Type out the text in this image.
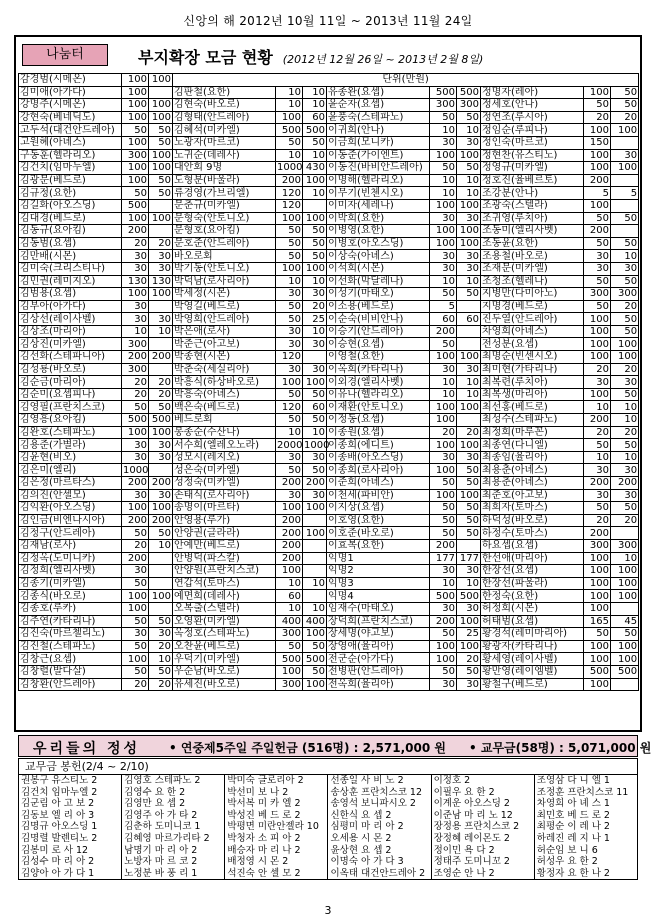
신앙의 해 2012년 10월 11일 ~ 2013년 11월 24일
나눔터	부지확장 모금 현황 (2012년 12월 26일 ~ 2013년 2월 8일)
감경범(시메온)	100	100	단위(만원)								
김미애(아가다)	100		김판철(요한)	10	10	유종완(요셉)	500	500	정명자(레아)	100	50
강명주(시메온)	100	100	김현숙(바오로)	10	10	윤순자(요셉)	300	300	정세호(안나)	50	50
강현숙(베네딕도)	100	100	김형태(안드레아)	100	60	윤풍숙(스테파노)	50	50	정연조(루시아)	20	20
고두석(대건안드레아)	50	50	김혜석(미카엘)	500	500	이귀희(안나)	10	10	정임순(루피나)	100	100
고원혜(아녜스)	100	50	노광자(마르코)	50	50	이금희(모니카)	30	30	정인숙(마르코)	150	
구동훈(헬라리오)	300	100	노귀순(데레사)	10	10	이동준(가이엔트)	100	100	정현찬(유스티노)	100	30
김건치(임마누엘)	100	100	대안회 9명	1000	430	이동진(바비안드레아)	50	50	정영규(미카엘)	100	100
김광문(베드로)	100	50	도형분(바울라)	200	100	이명해(헬라리오)	10	10	정호진(율베르토)	200	
김규정(요한)	50	50	류경영(가브리엘)	120	10	이무기(빈첸시오)	10	10	조강분(안나)	5	5
김길화(아오스딩)	500		문춘규(미카엘)	120		이미자(세레나)	100	100	조광숙(스텔라)	100	
김대경(베드로)	100	100	문형숙(안토니오)	100	100	이박희(요한)	30	30	조귀영(루치아)	50	50
김동규(요아킴)	200		문형호(요아킴)	50	50	이병영(요한)	100	100	조동미(엘리사벳)	200	
김동범(요셉)	20	20	문호준(안드레아)	50	50	이병호(아오스딩)	100	100	조동윤(요한)	50	50
김만배(시몬)	30	30	바오로회	50	50	이상숙(아녜스)	30	30	조용철(바오로)	30	10
김미숙(크리스티나)	30	30	박기동(안토니오)	100	100	이석희(시몬)	30	30	조재문(미카엘)	30	30
김민권(레미지오)	130	130	박덕남(로사리아)	10	10	이선화(막달레나)	10	10	조청조(헬레나)	50	50
김범용(요셉)	100	100	박세정(시몬)	30	30	이성기(마태오)	50	50	지병만(다미아노)	300	300
김부아(아가다)	30		박영길(베드로)	50	20	이소용(베드로)	5		지명경(베드로)	50	20
김상선(레이사벨)	30	30	박영희(안드레아)	50	25	이순숙(비비안나)	60	60	진두열(안드레아)	100	50
김상조(마리아)	10	10	박은애(로사)	30	10	이승기(안드레아)	200		차영희(아녜스)	100	50
김상진(미카엘)	300		박준근(아고보)	30	30	이승현(요셉)	50		전성분(요셉)	100	100
김선화(스테파니아)	200	200	박종현(시몬)	120		이영철(요한)	100	100	최명순(빈센시오)	100	100
김성룡(바오로)	300		박춘숙(세실리아)	30	30	이옥희(카타리나)	30	30	최미현(가타리나)	20	20
김순금(마리아)	20	20	박흥식(하상바오로)	100	100	이외경(엘리사벳)	10	10	최복련(루치아)	30	30
김순미(요셉피나)	20	20	박흥숙(아녜스)	50	50	이유나(헬라리오)	10	10	최복생(마리아)	100	50
김영필(프란치스코)	50	50	백은숙(베드로)	120	60	이재환(안토니오)	100	100	최선홍(베드로)	10	10
김영흥(요아킴)	500	500	베드로회	50	50	이정동(요셉)	100		최성수(스테파노)	200	10
김완호(스테파노)	100	100	봉종순(수산나)	10	10	이종원(요셉)	20	20	최정희(마루꼰)	20	20
김용준(가별라)	30	30	서수희(엘레오노라)	2000	1000	이종희(에디트)	100	100	최종연(다니엘)	50	50
김윤현(비오)	30	30	성모시(레지오)	30	30	이종배(아오스딩)	30	30	최종임(율리아)	10	10
김은미(엘리)	1000		성은숙(미카엘)	50	50	이종희(로사리아)	100	50	최용춘(아녜스)	30	30
김은정(마르타스)	200	200	성정숙(미카엘)	200	200	이준희(아녜스)	50	50	최용춘(아녜스)	200	200
김의진(안셀모)	30	30	손태식(로사리아)	30	30	이천세(파비안)	100	100	최준호(아고보)	30	30
김익환(아오스딩)	100	100	송명이(마르타)	100	100	이지상(요셉)	50	50	최희자(토마스)	50	50
김인금(비엔나시아)	200	200	안영용(루가)	200		이호영(요한)	50	50	하덕성(바오로)	20	20
김정구(안드레아)	50	50	안양권(글라라)	200	100	이호준(바오로)	50	50	하정수(토마스)	200	
김재남(로사)	20	10	안예만(베드로)	200		이효복(요한)	200		하요셉(요셉)	300	300
김정옥(도미니카)	200		안병덕(파스칼)	200		익명1	177	177	한선애(마리아)	100	10
김정희(엘리사벳)	30		안양원(프란치스코)	100		익명2	30	30	한장선(요셉)	100	100
김종기(미카엘)	50		연갑석(토마스)	10	10	익명3	10	10	한장선(파울라)	100	100
김종식(바오로)	100	100	예면희(데레사)	60		익명4	500	500	한정숙(요한)	100	100
김종호(루카)	100		오복출(스텔라)	10	10	임재수(마태오)	30	30	허정희(시몬)	100	
김주연(카타리나)	50	50	오영환(미카엘)	400	400	장덕희(프란치스코)	200	100	허태범(요셉)	165	45
김진숙(마르첼리노)	30	30	옥정호(스테파노)	300	100	장세명(야고보)	50	25	황경석(레미마리아)	50	50
김진철(스테파노)	50	20	오찬윤(베드로)	50	50	장영애(율리아)	100	100	황광자(카타리나)	100	100
김창근(요셉)	100	10	우덕기(미카엘)	500	500	전군순(아가다)	100	20	황세영(레이사벨)	100	100
김창렬(발다살)	50	50	우순남(바오로)	100	50	전병판(안드레아)	50	50	황만영(레이엠벨)	500	500
김창환(안드레아)	20	20	유세진(바오로)	300	100	전옥희(율리아)	30	30	황철구(베드로)	100	
우리들의 정성 • 연중제5주일 주일헌금 (516명) : 2,571,000 원 • 교무금(58명) : 5,071,000 원
교무금 봉헌(2/4 ~ 2/10)
권봉구 유스티노 2
김건치 임마누엘 2
김군림 아 고 보 2
김동보 엘 리 아 3
김명규 아오스딩 1
김명렬 발렌티노 2
김봉미 로 사 12
김성수 마 리 아 2
김양아 아 가 다 1

김영호 스테파노 2
김영수 요 한 2
김영만 요 셉 2
김영주 아 가 타 2
김춘하 도미니코 1
김혜영 마르가리타 2
남명기 마 리 아 2
노방자 마 르 코 2
노정분 바 풍 리 1

박미숙 글로리아 2
박선미 보 나 2
박서복 미 카 엘 2
박성진 베 드 로 2
박평면 미란안젤라 10
박청자 소 피 아 2
배승자 마 리 나 2
배정영 시 몬 2
석진숙 안 셀 모 2

선종일 사 비 노 2
송상훈 프란치스코 12
송영석 보니파시오 2
신한식 요 셉 2
심평미 마 리 아 2
오세용 시 몬 2
윤상현 요 셉 2
이명숙 아 가 다 3
이옥태 대건안드레아 2

이정호 2
이필우 요 한 2
이계운 아오스딩 2
이준남 마 리 노 12
장정용 프란치스코 2
장정혜 레이몬도 2
정이민 욕 다 2
정태주 도미니꼬 2
조영순 안 나 2

조영삼 다 니 엘 1
조정훈 프란치스코 11
차영희 아 녜 스 1
최민호 베 드 로 2
최평순 이 레 나 2
하레진 레 지 나 1
허순임 보 니 6
허성우 요 한 2
황정자 요 한 나 2
3
